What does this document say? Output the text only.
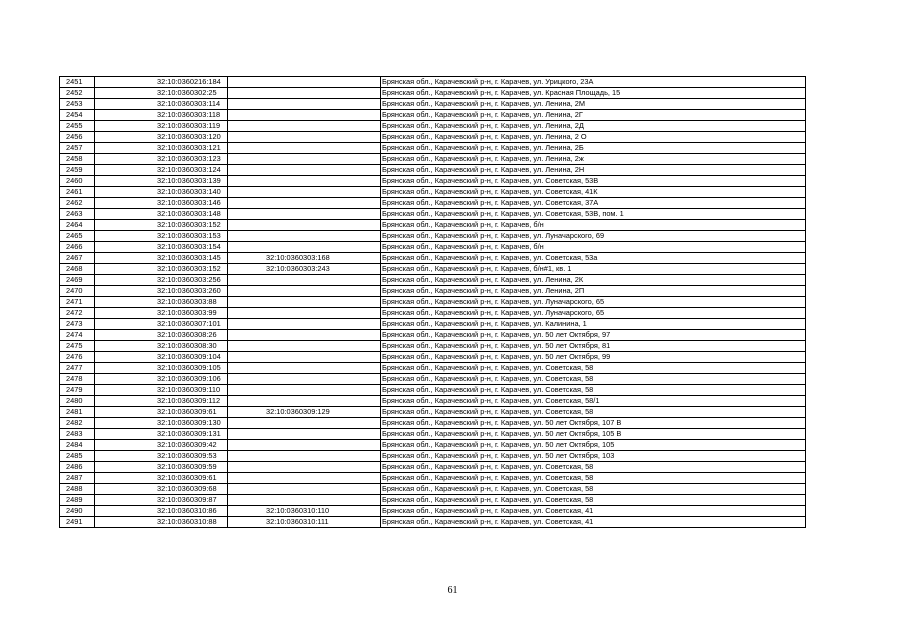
2451	32:10:0360216:184		Брянская обл., Карачевский р-н, г. Карачев, ул. Урицкого, 23А
2452	32:10:0360302:25		Брянская обл., Карачевский р-н, г. Карачев, ул. Красная Площадь, 15
2453	32:10:0360303:114		Брянская обл., Карачевский р-н, г. Карачев, ул. Ленина, 2М
2454	32:10:0360303:118		Брянская обл., Карачевский р-н, г. Карачев, ул. Ленина, 2Г
2455	32:10:0360303:119		Брянская обл., Карачевский р-н, г. Карачев, ул. Ленина, 2Д
2456	32:10:0360303:120		Брянская обл., Карачевский р-н, г. Карачев, ул. Ленина, 2 О
2457	32:10:0360303:121		Брянская обл., Карачевский р-н, г. Карачев, ул. Ленина, 2Б
2458	32:10:0360303:123		Брянская обл., Карачевский р-н, г. Карачев, ул. Ленина, 2ж
2459	32:10:0360303:124		Брянская обл., Карачевский р-н, г. Карачев, ул. Ленина, 2Н
2460	32:10:0360303:139		Брянская обл., Карачевский р-н, г. Карачев, ул. Советская, 53В
2461	32:10:0360303:140		Брянская обл., Карачевский р-н, г. Карачев, ул. Советская, 41К
2462	32:10:0360303:146		Брянская обл., Карачевский р-н, г. Карачев, ул. Советская, 37А
2463	32:10:0360303:148		Брянская обл., Карачевский р-н, г. Карачев, ул. Советская, 53В, пом. 1
2464	32:10:0360303:152		Брянская обл., Карачевский р-н, г. Карачев, б/н
2465	32:10:0360303:153		Брянская обл., Карачевский р-н, г. Карачев, ул. Луначарского, 69
2466	32:10:0360303:154		Брянская обл., Карачевский р-н, г. Карачев, б/н
2467	32:10:0360303:145	32:10:0360303:168	Брянская обл., Карачевский р-н, г. Карачев, ул. Советская, 53а
2468	32:10:0360303:152	32:10:0360303:243	Брянская обл., Карачевский р-н, г. Карачев, б/н#1, кв. 1
2469	32:10:0360303:256		Брянская обл., Карачевский р-н, г. Карачев, ул. Ленина, 2К
2470	32:10:0360303:260		Брянская обл., Карачевский р-н, г. Карачев, ул. Ленина, 2П
2471	32:10:0360303:88		Брянская обл., Карачевский р-н, г. Карачев, ул. Луначарского, 65
2472	32:10:0360303:99		Брянская обл., Карачевский р-н, г. Карачев, ул. Луначарского, 65
2473	32:10:0360307:101		Брянская обл., Карачевский р-н, г. Карачев, ул. Калинина, 1
2474	32:10:0360308:26		Брянская обл., Карачевский р-н, г. Карачев, ул. 50 лет Октября, 97
2475	32:10:0360308:30		Брянская обл., Карачевский р-н, г. Карачев, ул. 50 лет Октября, 81
2476	32:10:0360309:104		Брянская обл., Карачевский р-н, г. Карачев, ул. 50 лет Октября, 99
2477	32:10:0360309:105		Брянская обл., Карачевский р-н, г. Карачев, ул. Советская, 58
2478	32:10:0360309:106		Брянская обл., Карачевский р-н, г. Карачев, ул. Советская, 58
2479	32:10:0360309:110		Брянская обл., Карачевский р-н, г. Карачев, ул. Советская, 58
2480	32:10:0360309:112		Брянская обл., Карачевский р-н, г. Карачев, ул. Советская, 58/1
2481	32:10:0360309:61	32:10:0360309:129	Брянская обл., Карачевский р-н, г. Карачев, ул. Советская, 58
2482	32:10:0360309:130		Брянская обл., Карачевский р-н, г. Карачев, ул. 50 лет Октября, 107 В
2483	32:10:0360309:131		Брянская обл., Карачевский р-н, г. Карачев, ул. 50 лет Октября, 105 В
2484	32:10:0360309:42		Брянская обл., Карачевский р-н, г. Карачев, ул. 50 лет Октября, 105
2485	32:10:0360309:53		Брянская обл., Карачевский р-н, г. Карачев, ул. 50 лет Октября, 103
2486	32:10:0360309:59		Брянская обл., Карачевский р-н, г. Карачев, ул. Советская, 58
2487	32:10:0360309:61		Брянская обл., Карачевский р-н, г. Карачев, ул. Советская, 58
2488	32:10:0360309:68		Брянская обл., Карачевский р-н, г. Карачев, ул. Советская, 58
2489	32:10:0360309:87		Брянская обл., Карачевский р-н, г. Карачев, ул. Советская, 58
2490	32:10:0360310:86	32:10:0360310:110	Брянская обл., Карачевский р-н, г. Карачев, ул. Советская, 41
2491	32:10:0360310:88	32:10:0360310:111	Брянская обл., Карачевский р-н, г. Карачев, ул. Советская, 41
61
